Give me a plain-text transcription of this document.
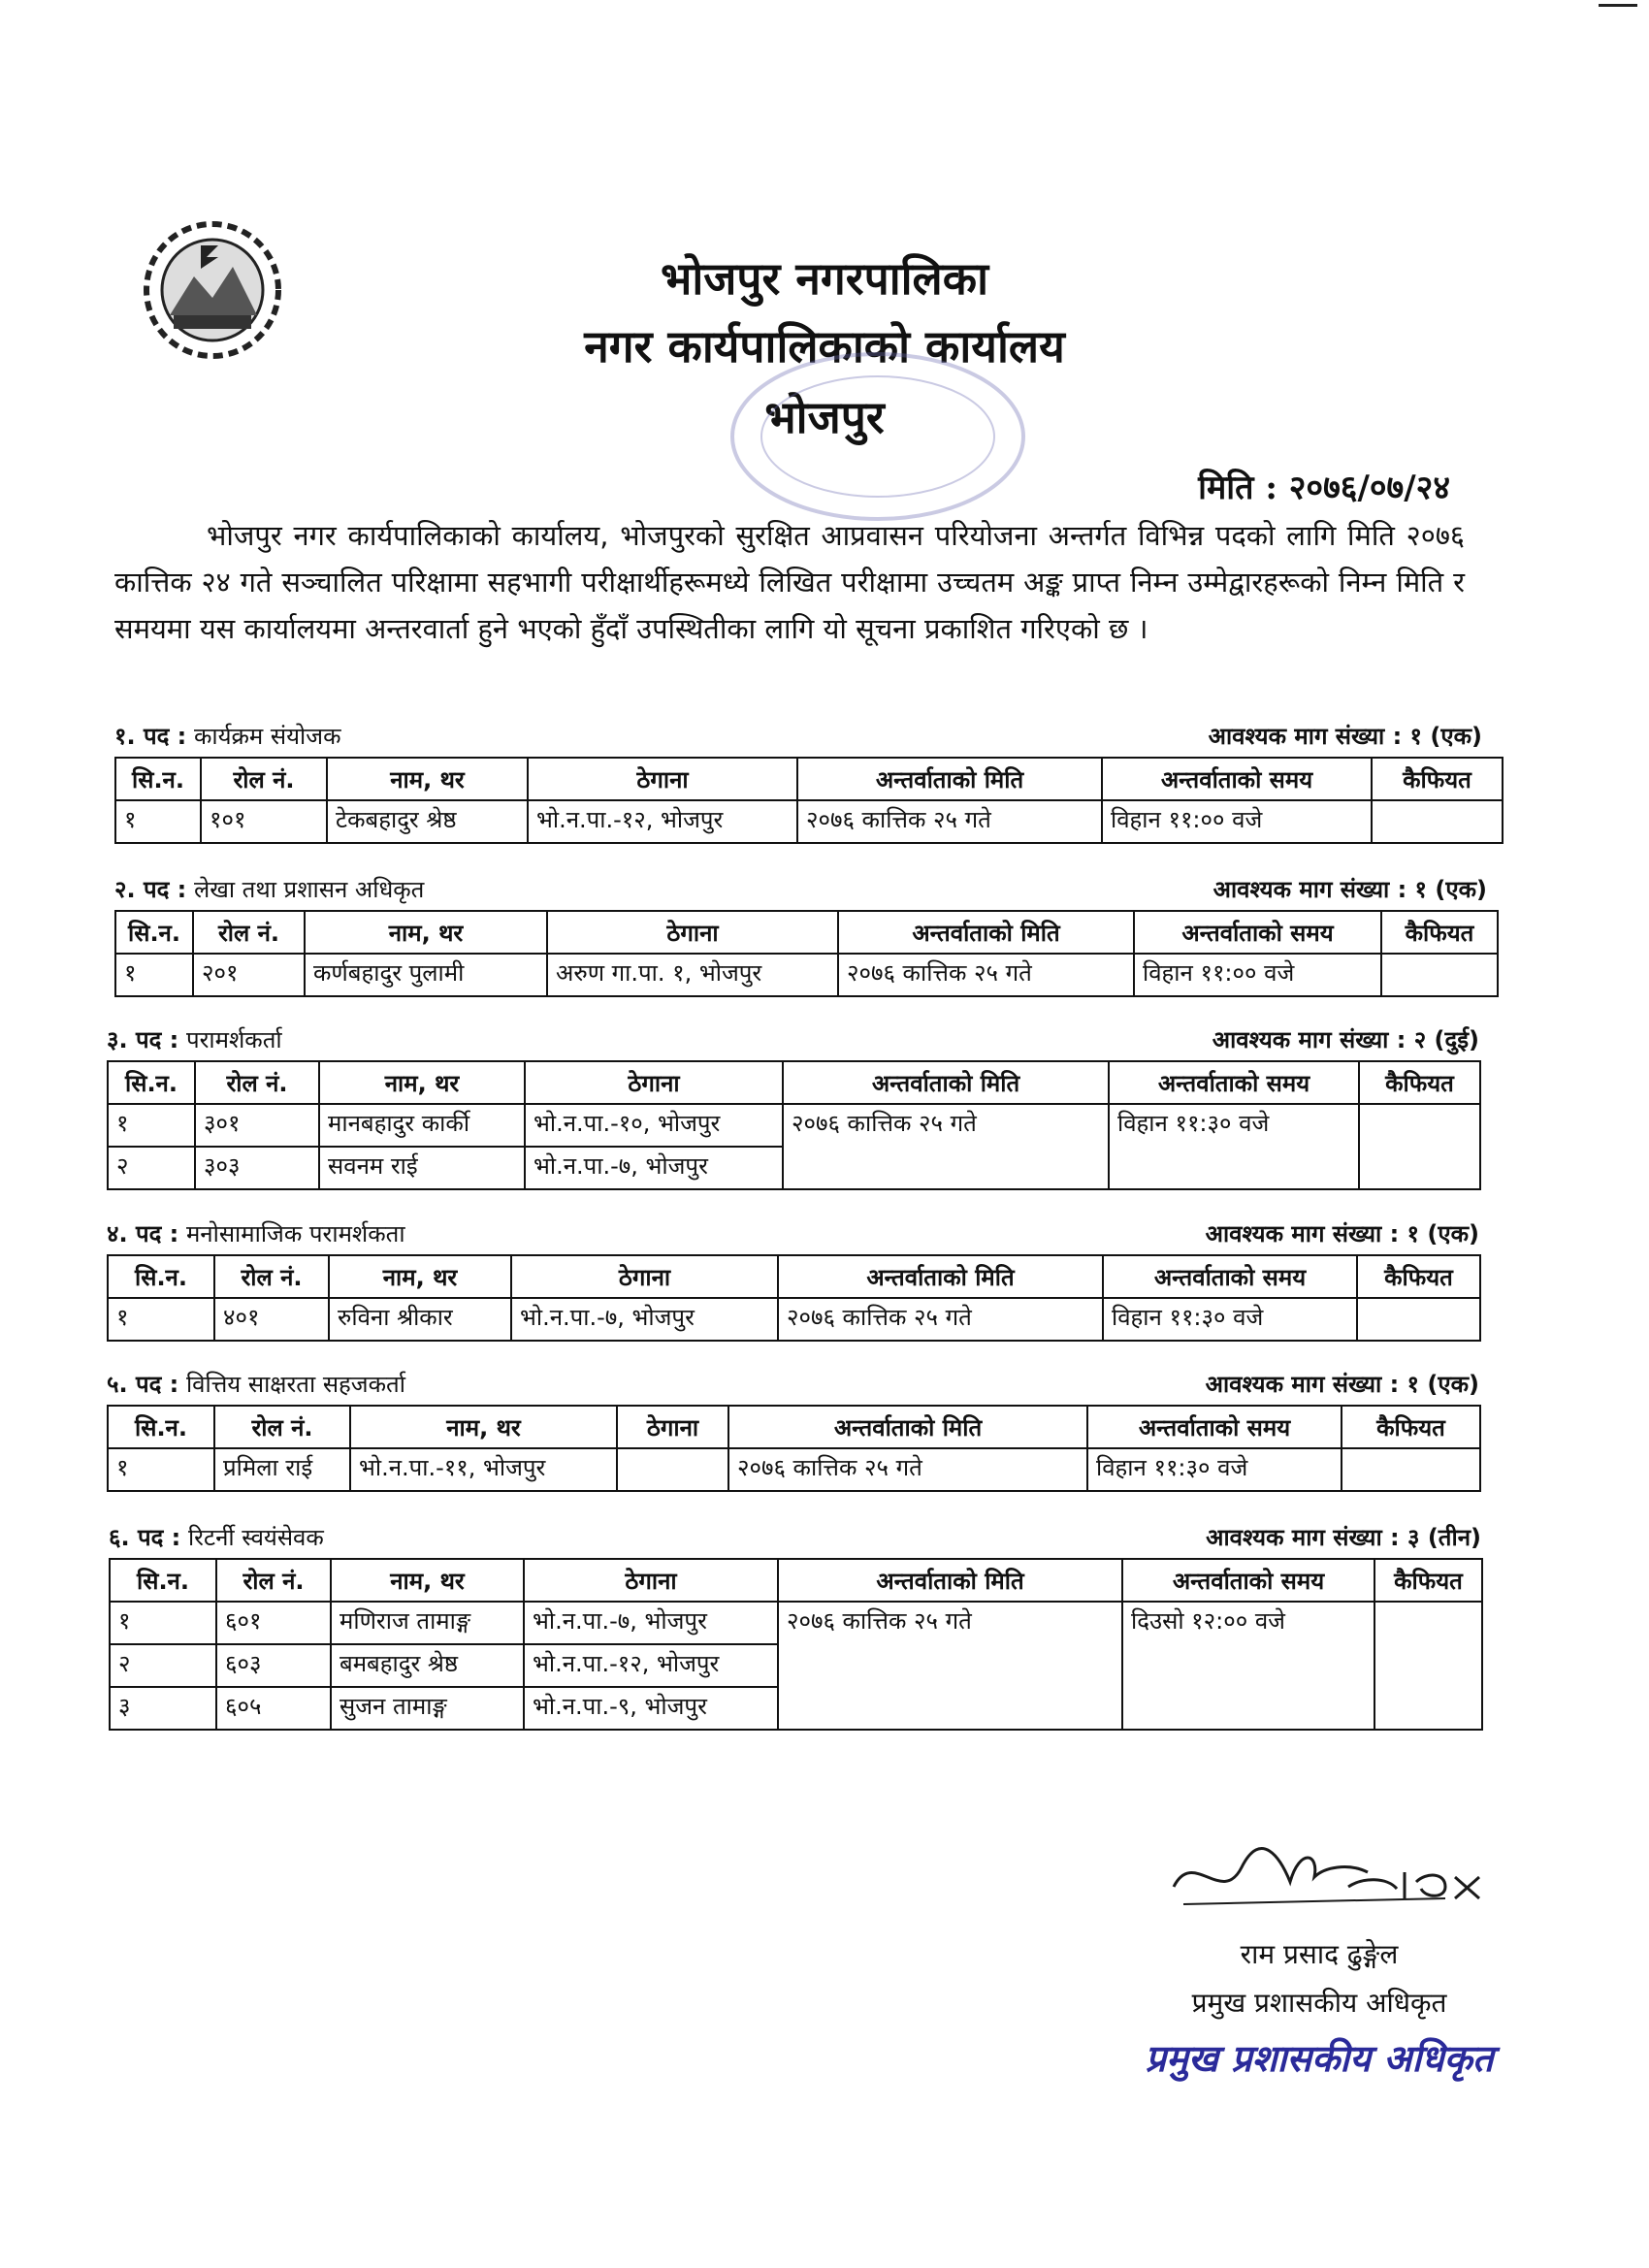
भोजपुर नगरपालिका
नगर कार्यपालिकाको कार्यालय
भोजपुर
मिति : २०७६/०७/२४
भोजपुर नगर कार्यपालिकाको कार्यालय, भोजपुरको सुरक्षित आप्रवासन परियोजना अन्तर्गत विभिन्न पदको लागि मिति २०७६ कात्तिक २४ गते सञ्चालित परिक्षामा सहभागी परीक्षार्थीहरूमध्ये लिखित परीक्षामा उच्चतम अङ्क प्राप्त निम्न उम्मेद्वारहरूको निम्न मिति र समयमा यस कार्यालयमा अन्तरवार्ता हुने भएको हुँदाँ उपस्थितीका लागि यो सूचना प्रकाशित गरिएको छ ।
१. पद : कार्यक्रम संयोजक	आवश्यक माग संख्या : १ (एक)
सि.न.	रोल नं.	नाम, थर	ठेगाना	अन्तर्वाताको मिति	अन्तर्वाताको समय	कैफियत
१	१०१	टेकबहादुर श्रेष्ठ	भो.न.पा.-१२, भोजपुर	२०७६ कात्तिक २५ गते	विहान ११:०० वजे	
२. पद : लेखा तथा प्रशासन अधिकृत	आवश्यक माग संख्या : १ (एक)
सि.न.	रोल नं.	नाम, थर	ठेगाना	अन्तर्वाताको मिति	अन्तर्वाताको समय	कैफियत
१	२०१	कर्णबहादुर पुलामी	अरुण गा.पा. १, भोजपुर	२०७६ कात्तिक २५ गते	विहान ११:०० वजे	
३. पद : परामर्शकर्ता	आवश्यक माग संख्या : २ (दुई)
सि.न.	रोल नं.	नाम, थर	ठेगाना	अन्तर्वाताको मिति	अन्तर्वाताको समय	कैफियत
१	३०१	मानबहादुर कार्की	भो.न.पा.-१०, भोजपुर	२०७६ कात्तिक २५ गते	विहान ११:३० वजे	
२	३०३	सवनम राई	भो.न.पा.-७, भोजपुर			
४. पद : मनोसामाजिक परामर्शकता	आवश्यक माग संख्या : १ (एक)
सि.न.	रोल नं.	नाम, थर	ठेगाना	अन्तर्वाताको मिति	अन्तर्वाताको समय	कैफियत
१	४०१	रुविना श्रीकार	भो.न.पा.-७, भोजपुर	२०७६ कात्तिक २५ गते	विहान ११:३० वजे	
५. पद : वित्तिय साक्षरता सहजकर्ता	आवश्यक माग संख्या : १ (एक)
सि.न.	रोल नं.	नाम, थर	ठेगाना	अन्तर्वाताको मिति	अन्तर्वाताको समय	कैफियत
१	प्रमिला राई	भो.न.पा.-११, भोजपुर		२०७६ कात्तिक २५ गते	विहान ११:३० वजे	
६. पद : रिटर्नी स्वयंसेवक	आवश्यक माग संख्या : ३ (तीन)
सि.न.	रोल नं.	नाम, थर	ठेगाना	अन्तर्वाताको मिति	अन्तर्वाताको समय	कैफियत
१	६०१	मणिराज तामाङ्ग	भो.न.पा.-७, भोजपुर	२०७६ कात्तिक २५ गते	दिउसो १२:०० वजे	
२	६०३	बमबहादुर श्रेष्ठ	भो.न.पा.-१२, भोजपुर			
३	६०५	सुजन तामाङ्ग	भो.न.पा.-९, भोजपुर			
राम प्रसाद ढुङ्गेल
प्रमुख प्रशासकीय अधिकृत
प्रमुख प्रशासकीय अधिकृत
